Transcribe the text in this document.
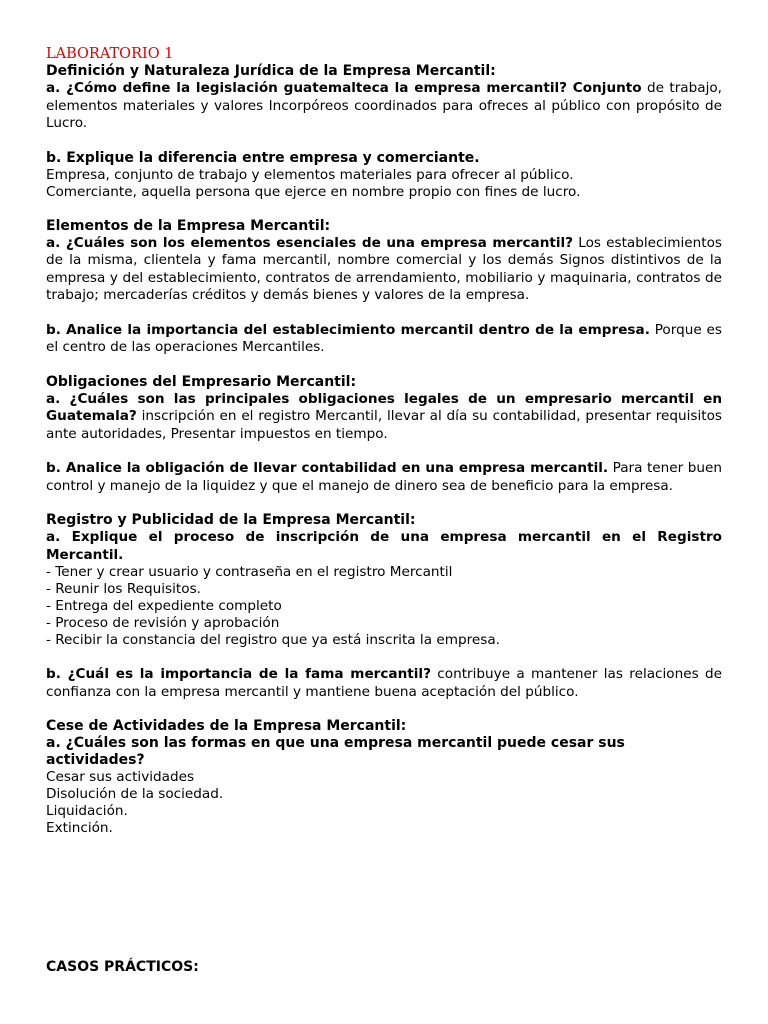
LABORATORIO 1
Definición y Naturaleza Jurídica de la Empresa Mercantil:
a. ¿Cómo define la legislación guatemalteca la empresa mercantil? Conjunto de trabajo, elementos materiales y valores Incorpóreos coordinados para ofreces al público con propósito de Lucro.
b. Explique la diferencia entre empresa y comerciante.
Empresa, conjunto de trabajo y elementos materiales para ofrecer al público.
Comerciante, aquella persona que ejerce en nombre propio con fines de lucro.
Elementos de la Empresa Mercantil:
a. ¿Cuáles son los elementos esenciales de una empresa mercantil? Los establecimientos de la misma, clientela y fama mercantil, nombre comercial y los demás Signos distintivos de la empresa y del establecimiento, contratos de arrendamiento, mobiliario y maquinaria, contratos de trabajo; mercaderías créditos y demás bienes y valores de la empresa.
b. Analice la importancia del establecimiento mercantil dentro de la empresa. Porque es el centro de las operaciones Mercantiles.
Obligaciones del Empresario Mercantil:
a. ¿Cuáles son las principales obligaciones legales de un empresario mercantil en Guatemala? inscripción en el registro Mercantil, llevar al día su contabilidad, presentar requisitos ante autoridades, Presentar impuestos en tiempo.
b. Analice la obligación de llevar contabilidad en una empresa mercantil. Para tener buen control y manejo de la liquidez y que el manejo de dinero sea de beneficio para la empresa.
Registro y Publicidad de la Empresa Mercantil:
a. Explique el proceso de inscripción de una empresa mercantil en el Registro Mercantil.
- Tener y crear usuario y contraseña en el registro Mercantil
- Reunir los Requisitos.
- Entrega del expediente completo
- Proceso de revisión y aprobación
- Recibir la constancia del registro que ya está inscrita la empresa.
b. ¿Cuál es la importancia de la fama mercantil? contribuye a mantener las relaciones de confianza con la empresa mercantil y mantiene buena aceptación del público.
Cese de Actividades de la Empresa Mercantil:
a. ¿Cuáles son las formas en que una empresa mercantil puede cesar sus actividades?
Cesar sus actividades
Disolución de la sociedad.
Liquidación.
Extinción.
CASOS PRÁCTICOS:
